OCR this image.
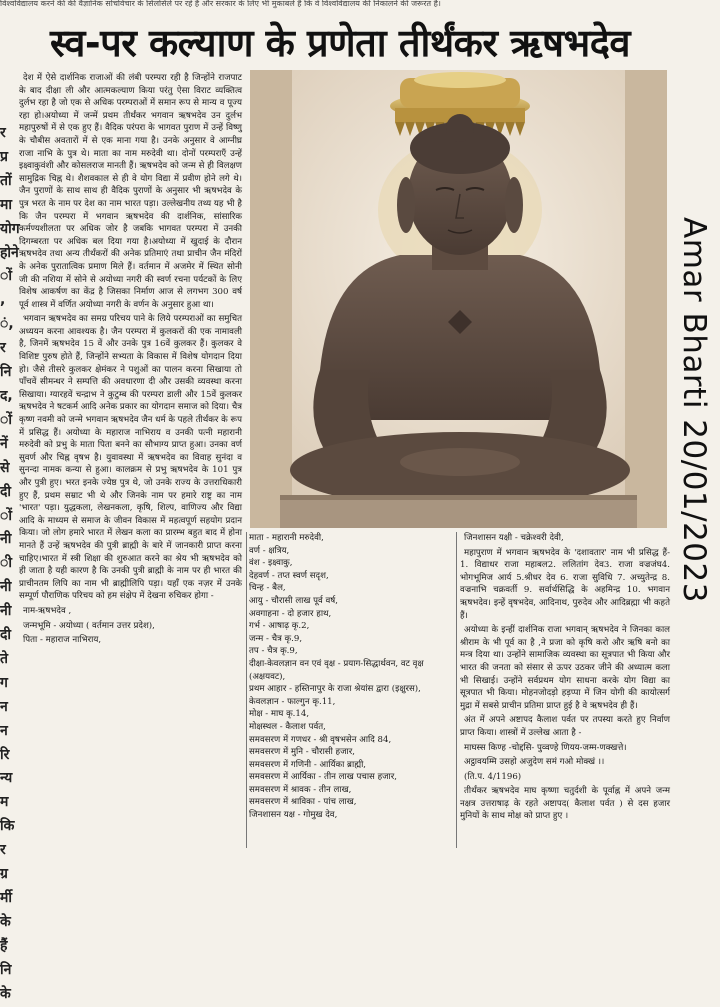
विश्वविद्यालय करने की की वैज्ञानिक सोचविचार के सिलसिले पर रहे हैं और सरकार के लिए भी मुकाबले हैं कि वे विश्वविद्यालय की निकालने की जरूरत हैं।
स्व-पर कल्याण के प्रणेता तीर्थंकर ऋषभदेव
र
प्र
तों
मा
योग
होने
ों ,
ं, र
नि
द,
ों नें
से दी
ों नी
ी नी
नी
दी
ते
ग
न
न
रि
न्य
म
कि
र
ग्र
र्मी
के
हैं
नि
के

देश में ऐसे दार्शनिक राजाओं की लंबी परम्परा रही है जिन्होंने राजपाट के बाद दीक्षा ली और आत्मकल्याण किया परंतु ऐसा विराट व्यक्तित्व दुर्लभ रहा है जो एक से अधिक परम्पराओं में समान रूप से मान्य व पूज्य रहा हो।अयोध्या में जन्में प्रथम तीर्थंकर भगवान ऋषभदेव उन दुर्लभ महापुरुषों में से एक हुए हैं। वैदिक परंपरा के भागवत पुराण में उन्हें विष्णु के चौबीस अवतारों में से एक माना गया है। उनके अनुसार वे आग्नीघ्र राजा नाभि के पुत्र थे। माता का नाम मरुदेवी था। दोनों परम्पराएँ उन्हें इक्ष्वाकुवंशी और कोसलराज मानती हैं। ऋषभदेव को जन्म से ही विलक्षण सामुद्रिक चिह्न थे। शैशवकाल से ही वे योग विद्या में प्रवीण होने लगे थे। जैन पुराणों के साथ साथ ही वैदिक पुराणों के अनुसार भी ऋषभदेव के पुत्र भरत के नाम पर देश का नाम भारत पड़ा। उल्लेखनीय तथ्य यह भी है कि जैन परम्परा में भगवान ऋषभदेव की दार्शनिक, सांसारिक कर्मण्यशीलता पर अधिक जोर है जबकि भागवत परम्परा में उनकी दिगम्बरता पर अधिक बल दिया गया है।अयोध्या में खुदाई के दौरान ऋषभदेव तथा अन्य तीर्थंकरों की अनेक प्रतिमाएं तथा प्राचीन जैन मंदिरों के अनेक पुरातात्विक प्रमाण मिले हैं। वर्तमान में अजमेर में स्थित सोनी जी की नशिया में सोने से अयोध्या नगरी की स्वर्ण रचना पर्यटकों के लिए विशेष आकर्षण का केंद्र है जिसका निर्माण आज से लगभग 300 वर्ष पूर्व शास्त्र में वर्णित अयोध्या नगरी के वर्णन के अनुसार हुआ था।

भगवान ऋषभदेव का समग्र परिचय पाने के लिये परम्पराओं का समुचित अध्ययन करना आवश्यक है। जैन परम्परा में कुलकरों की एक नामावली है, जिनमें ऋषभदेव 15 वें और उनके पुत्र 16वें कुलकर हैं। कुलकर वे विशिष्ट पुरुष होते हैं, जिन्होंने सभ्यता के विकास में विशेष योगदान दिया हो। जैसे तीसरे कुलकर क्षेमंकर ने पशुओं का पालन करना सिखाया तो पाँचवें सीमन्धर ने सम्पत्ति की अवधारणा दी और उसकी व्यवस्था करना सिखाया। ग्यारहवें चन्द्राभ ने कुटुम्ब की परम्परा डाली और 15वें कुलकर ऋषभदेव ने षटकर्म आदि अनेक प्रकार का योगदान समाज को दिया। चैत्र कृष्ण नवमी को जन्मे भगवान ऋषभदेव जैन धर्म के पहले तीर्थंकर के रूप में प्रसिद्ध हैं। अयोध्या के महाराज नाभिराय व उनकी पत्नी महारानी मरुदेवी को प्रभु के माता पिता बनने का सौभाग्य प्राप्त हुआ। उनका वर्ण सुवर्ण और चिह्न वृषभ है। युवावस्था में ऋषभदेव का विवाह सुनंदा व सुनन्दा नामक कन्या से हुआ। कालक्रम से प्रभु ऋषभदेव के 101 पुत्र और पुत्री हुए। भरत इनके ज्येष्ठ पुत्र थे, जो उनके राज्य के उत्तराधिकारी हुए हैं, प्रथम सम्राट भी थे और जिनके नाम पर हमारे राष्ट्र का नाम 'भारत' पड़ा। युद्धकला, लेखनकला, कृषि, शिल्प, वाणिज्य और विद्या आदि के माध्यम से समाज के जीवन विकास में महत्वपूर्ण सहयोग प्रदान किया। जो लोग हमारे भारत में लेखन कला का प्रारम्भ बहुत बाद में होना मानते हैं उन्हें ऋषभदेव की पुत्री ब्राह्मी के बारे में जानकारी प्राप्त करना चाहिए।भारत में स्त्री शिक्षा की शुरुआत करने का श्रेय भी ऋषभदेव को ही जाता है यही कारण है कि उनकी पुत्री ब्राह्मी के नाम पर ही भारत की प्राचीनतम लिपि का नाम भी ब्राह्मीलिपि पड़ा। यहाँ एक नज़र में उनके सम्पूर्ण पौराणिक परिचय को हम संक्षेप में देखना रुचिकर होगा -

नाम-ऋषभदेव ,

जन्मभूमि - अयोध्या ( वर्तमान उत्तर प्रदेश),

पिता - महाराज नाभिराय,

माता - महारानी मरुदेवी,
वर्ण - क्षत्रिय,
वंश - इक्ष्वाकु,
देहवर्ण - तप्त स्वर्ण सदृश,
चिन्ह - बैल,
आयु - चौरासी लाख पूर्व वर्ष,
अवगाहना - दो हजार हाथ,
गर्भ - आषाढ़ कृ.2,
जन्म - चैत्र कृ.9,
तप - चैत्र कृ.9,
दीक्षा-केवलज्ञान वन एवं वृक्ष - प्रयाग-सिद्धार्थवन, वट वृक्ष (अक्षयवट),
प्रथम आहार - हस्तिनापुर के राजा श्रेयांस द्वारा (इक्षुरस),
केवलज्ञान - फाल्गुन कृ.11,
मोक्ष - माघ कृ.14,
मोक्षस्थल - कैलाश पर्वत,
समवसरण में गणधर - श्री वृषभसेन आदि 84,
समवसरण में मुनि - चौरासी हजार,
समवसरण में गणिनी - आर्यिका ब्राह्मी,
समवसरण में आर्यिका - तीन लाख पचास हजार,
समवसरण में श्रावक - तीन लाख,
समवसरण में श्राविका - पांच लाख,
जिनशासन यक्ष - गोमुख देव,

जिनशासन यक्षी - चक्रेश्वरी देवी,

महापुराण में भगवान ऋषभदेव के 'दशावतार' नाम भी प्रसिद्ध हैं- 1. विद्याधर राजा महाबल2. ललितांग देव3. राजा वज्रजंघ4. भोगभूमिज आर्य 5.श्रीधर देव 6. राजा सुविधि 7. अच्युतेन्द्र 8. वज्रनाभि चक्रवर्ती 9. सर्वार्थसिद्धि के अहमिन्द्र 10. भगवान ऋषभदेव। इन्हें वृषभदेव, आदिनाथ, पुरुदेव और आदिब्रह्मा भी कहते हैं।

अयोध्या के इन्हीं दार्शनिक राजा भगवान् ऋषभदेव ने जिनका काल श्रीराम के भी पूर्व का है ,ने प्रजा को कृषि करो और ऋषि बनो का मन्त्र दिया था। उन्होंने सामाजिक व्यवस्था का सूत्रपात भी किया और भारत की जनता को संसार से ऊपर उठकर जीने की अध्यात्म कला भी सिखाई। उन्होंने सर्वप्रथम योग साधना करके योग विद्या का सूत्रपात भी किया। मोहनजोदड़ो हड़प्पा में जिन योगी की कायोत्सर्ग मुद्रा में सबसे प्राचीन प्रतिमा प्राप्त हुई है वे ऋषभदेव ही हैं।

अंत में अपने अष्टापद कैलाश पर्वत पर तपस्या करते हुए निर्वाण प्राप्त किया। शास्त्रों में उल्लेख आता है -

माघस्स किण्ह -चोद्दसि- पुव्वण्हे णियय-जम्म-णक्खत्ते।

अट्ठावयम्मि उसहो अजुदेण समं गओ मोक्खं ।।

(ति.प. 4/1196)

तीर्थंकर ऋषभदेव माघ कृष्णा चतुर्दशी के पूर्वाह्न में अपने जन्म नक्षत्र उत्तराषाढ़ के रहते अष्टापद( कैलाश पर्वत ) से दस हजार मुनियों के साथ मोक्ष को प्राप्त हुए ।

Amar Bharti 20/01/2023
